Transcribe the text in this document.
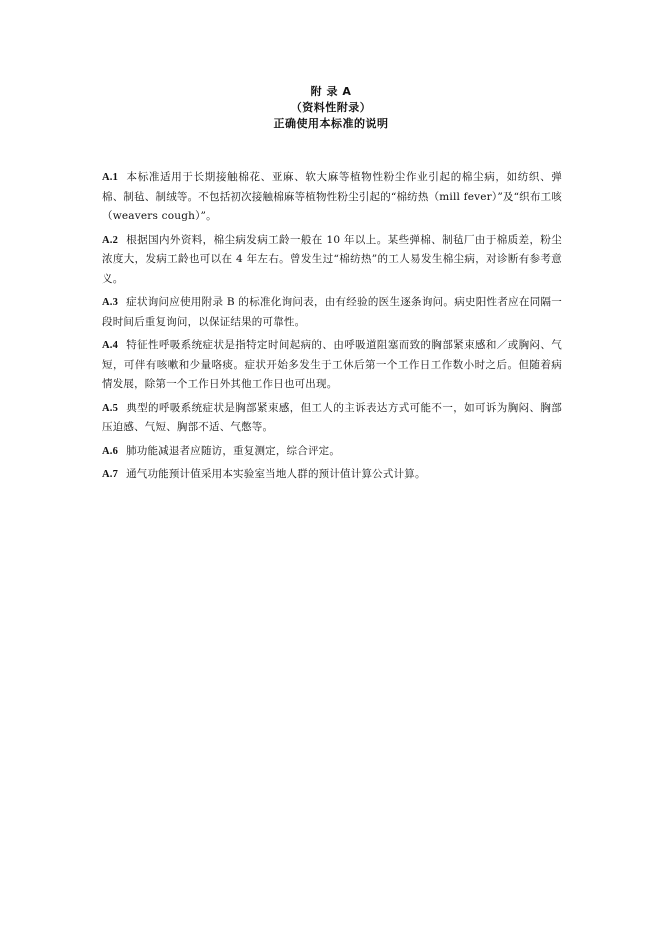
附 录 A
（资料性附录）
正确使用本标准的说明

A.1 本标准适用于长期接触棉花、亚麻、软大麻等植物性粉尘作业引起的棉尘病，如纺织、弹棉、制毡、制绒等。不包括初次接触棉麻等植物性粉尘引起的“棉纺热（mill fever）”及“织布工咳（weavers cough）”。

A.2 根据国内外资料，棉尘病发病工龄一般在 10 年以上。某些弹棉、制毡厂由于棉质差，粉尘浓度大，发病工龄也可以在 4 年左右。曾发生过“棉纺热”的工人易发生棉尘病，对诊断有参考意义。

A.3 症状询问应使用附录 B 的标准化询问表，由有经验的医生逐条询问。病史阳性者应在同隔一段时间后重复询问，以保证结果的可靠性。

A.4 特征性呼吸系统症状是指特定时间起病的、由呼吸道阻塞而致的胸部紧束感和／或胸闷、气短，可伴有咳嗽和少量咯痰。症状开始多发生于工休后第一个工作日工作数小时之后。但随着病情发展，除第一个工作日外其他工作日也可出现。

A.5 典型的呼吸系统症状是胸部紧束感，但工人的主诉表达方式可能不一，如可诉为胸闷、胸部压迫感、气短、胸部不适、气憋等。

A.6 肺功能减退者应随访，重复测定，综合评定。

A.7 通气功能预计值采用本实验室当地人群的预计值计算公式计算。
